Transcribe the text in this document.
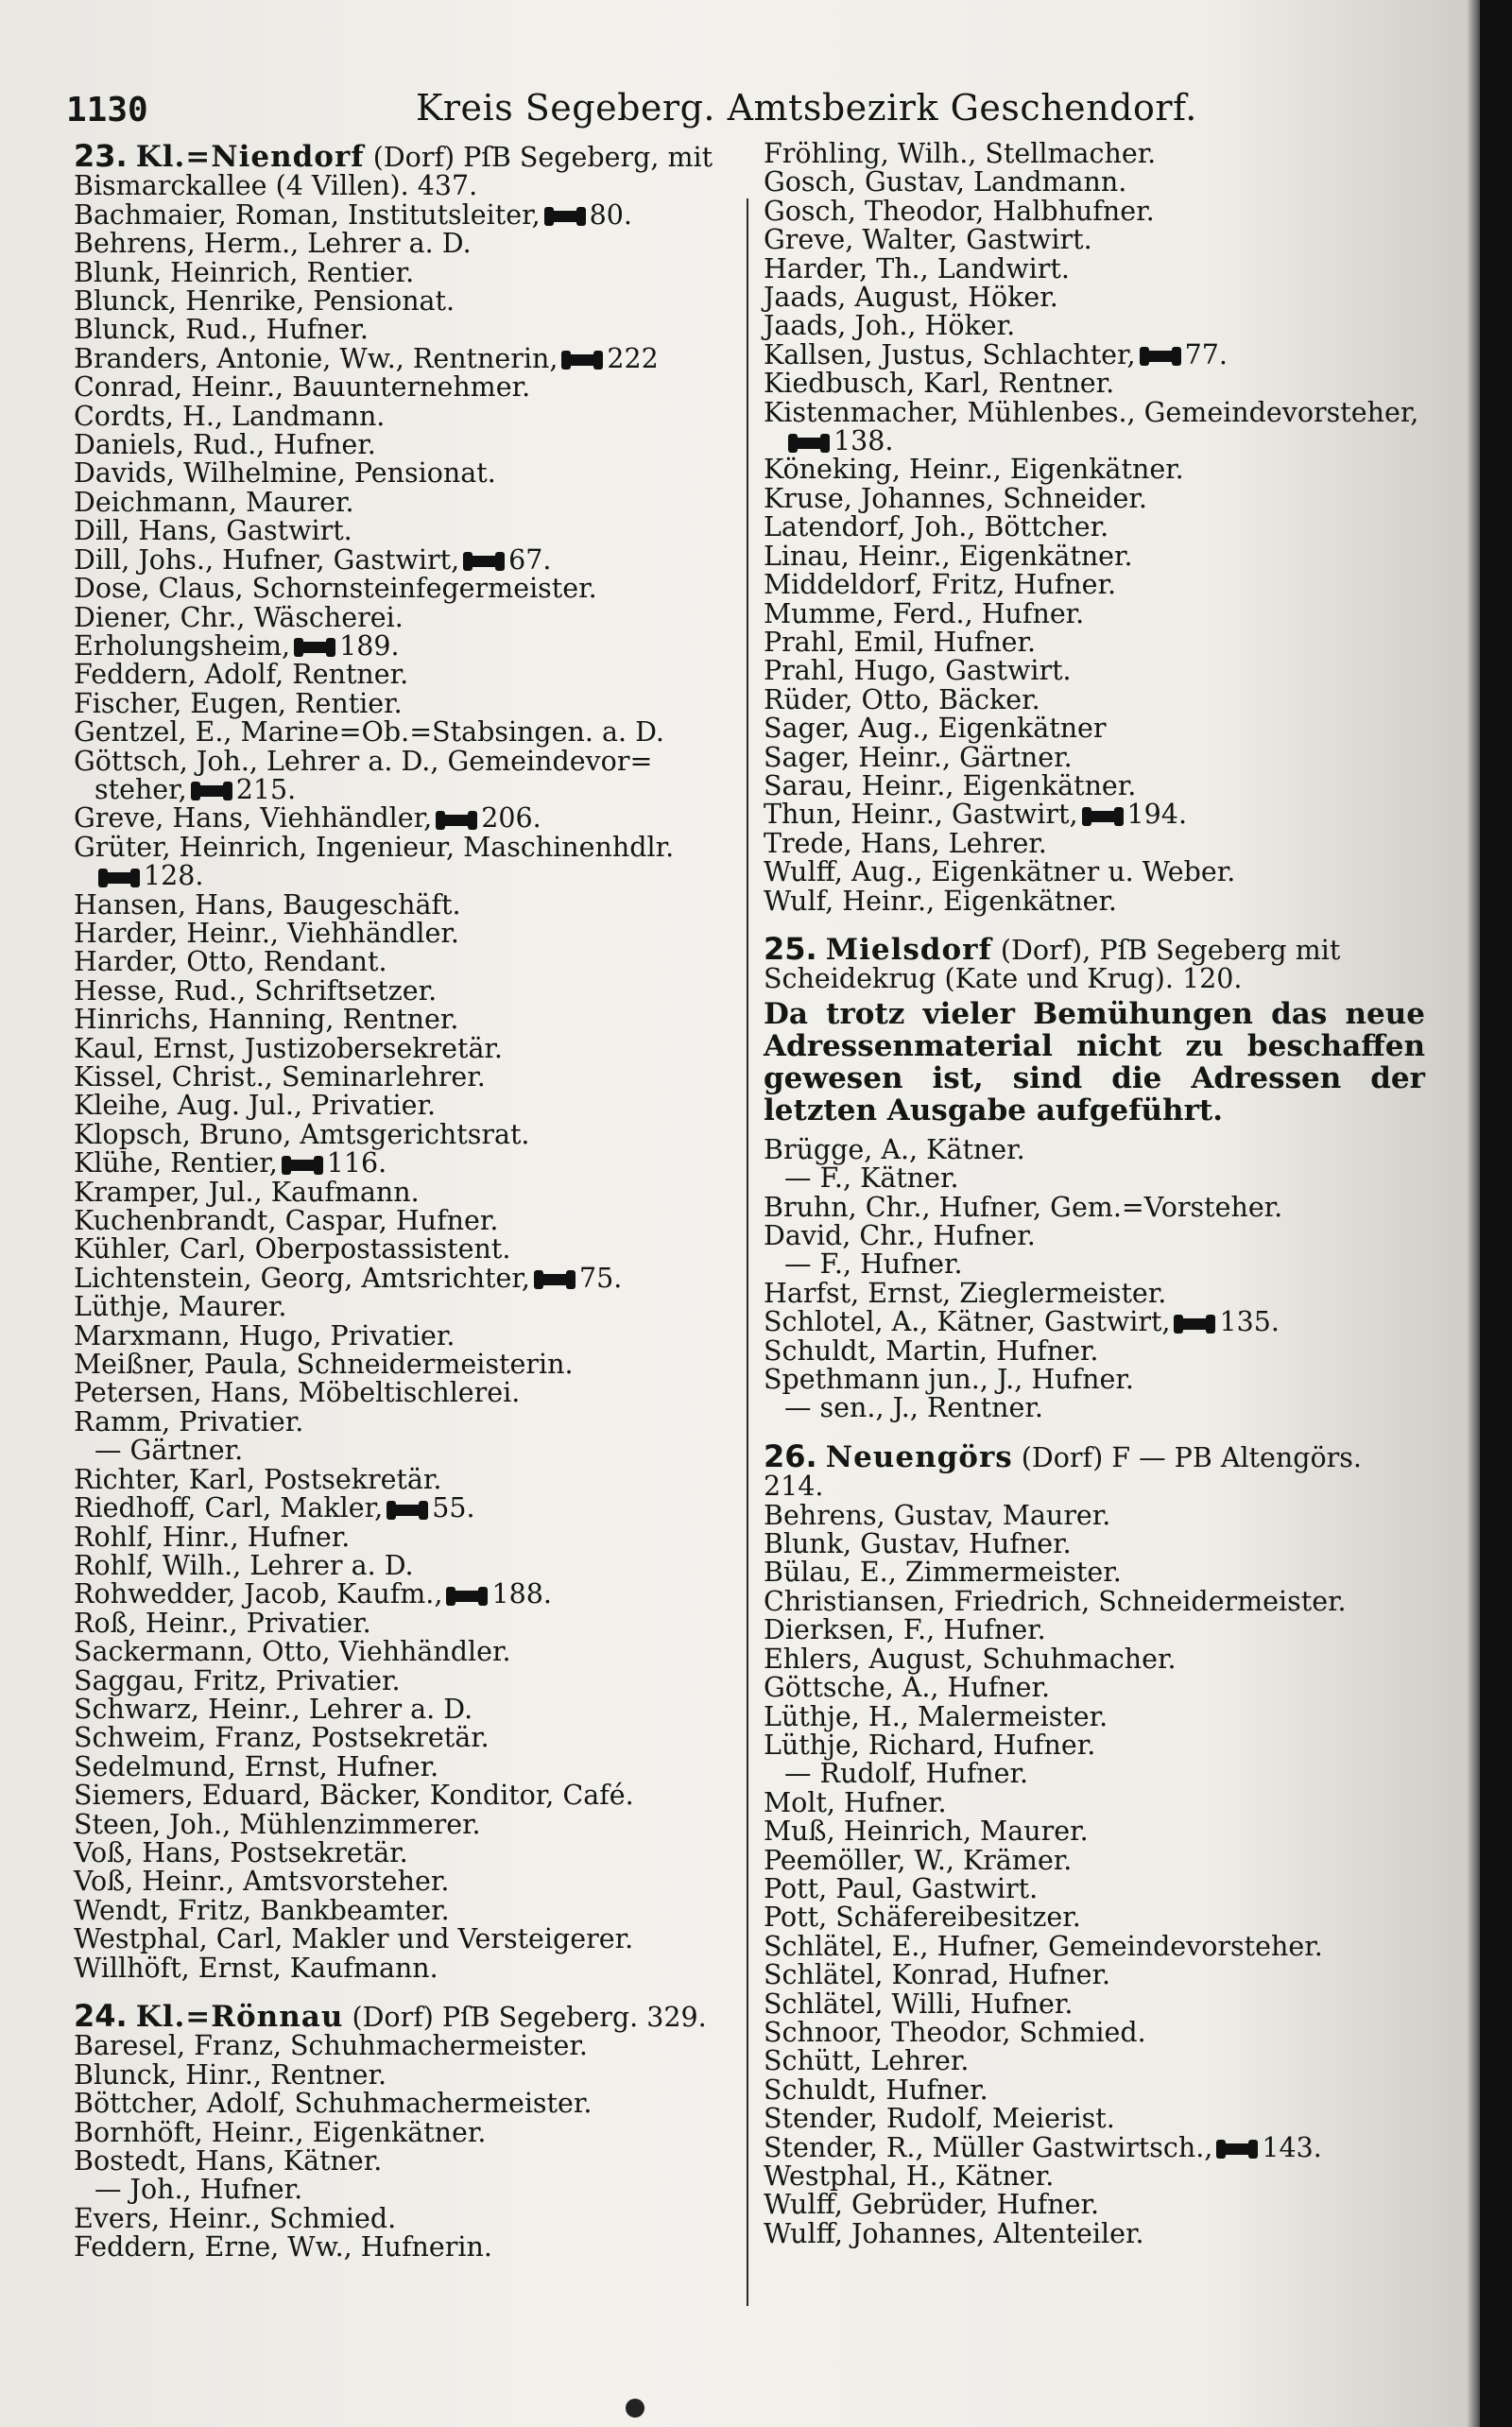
1130	Kreis Segeberg. Amtsbezirk Geschendorf.
23. Kl.=Niendorf (Dorf) PſB Segeberg, mit Bismarckallee (4 Villen). 437.
Bachmaier, Roman, Institutsleiter, 80.
Behrens, Herm., Lehrer a. D.
Blunk, Heinrich, Rentier.
Blunck, Henrike, Pensionat.
Blunck, Rud., Hufner.
Branders, Antonie, Ww., Rentnerin, 222
Conrad, Heinr., Bauunternehmer.
Cordts, H., Landmann.
Daniels, Rud., Hufner.
Davids, Wilhelmine, Pensionat.
Deichmann, Maurer.
Dill, Hans, Gastwirt.
Dill, Johs., Hufner, Gastwirt, 67.
Dose, Claus, Schornsteinfegermeister.
Diener, Chr., Wäscherei.
Erholungsheim, 189.
Feddern, Adolf, Rentner.
Fischer, Eugen, Rentier.
Gentzel, E., Marine=Ob.=Stabsingen. a. D.
Göttsch, Joh., Lehrer a. D., Gemeindevor=
steher, 215.
Greve, Hans, Viehhändler, 206.
Grüter, Heinrich, Ingenieur, Maschinenhdlr.
128.
Hansen, Hans, Baugeschäft.
Harder, Heinr., Viehhändler.
Harder, Otto, Rendant.
Hesse, Rud., Schriftsetzer.
Hinrichs, Hanning, Rentner.
Kaul, Ernst, Justizobersekretär.
Kissel, Christ., Seminarlehrer.
Kleihe, Aug. Jul., Privatier.
Klopsch, Bruno, Amtsgerichtsrat.
Klühe, Rentier, 116.
Kramper, Jul., Kaufmann.
Kuchenbrandt, Caspar, Hufner.
Kühler, Carl, Oberpostassistent.
Lichtenstein, Georg, Amtsrichter, 75.
Lüthje, Maurer.
Marxmann, Hugo, Privatier.
Meißner, Paula, Schneidermeisterin.
Petersen, Hans, Möbeltischlerei.
Ramm, Privatier.
— Gärtner.
Richter, Karl, Postsekretär.
Riedhoff, Carl, Makler, 55.
Rohlf, Hinr., Hufner.
Rohlf, Wilh., Lehrer a. D.
Rohwedder, Jacob, Kaufm., 188.
Roß, Heinr., Privatier.
Sackermann, Otto, Viehhändler.
Saggau, Fritz, Privatier.
Schwarz, Heinr., Lehrer a. D.
Schweim, Franz, Postsekretär.
Sedelmund, Ernst, Hufner.
Siemers, Eduard, Bäcker, Konditor, Café.
Steen, Joh., Mühlenzimmerer.
Voß, Hans, Postsekretär.
Voß, Heinr., Amtsvorsteher.
Wendt, Fritz, Bankbeamter.
Westphal, Carl, Makler und Versteigerer.
Willhöft, Ernst, Kaufmann.
24. Kl.=Rönnau (Dorf) PſB Segeberg. 329.
Baresel, Franz, Schuhmachermeister.
Blunck, Hinr., Rentner.
Böttcher, Adolf, Schuhmachermeister.
Bornhöft, Heinr., Eigenkätner.
Bostedt, Hans, Kätner.
— Joh., Hufner.
Evers, Heinr., Schmied.
Feddern, Erne, Ww., Hufnerin.
Fröhling, Wilh., Stellmacher.
Gosch, Gustav, Landmann.
Gosch, Theodor, Halbhufner.
Greve, Walter, Gastwirt.
Harder, Th., Landwirt.
Jaads, August, Höker.
Jaads, Joh., Höker.
Kallsen, Justus, Schlachter, 77.
Kiedbusch, Karl, Rentner.
Kistenmacher, Mühlenbes., Gemeindevorsteher,
138.
Köneking, Heinr., Eigenkätner.
Kruse, Johannes, Schneider.
Latendorf, Joh., Böttcher.
Linau, Heinr., Eigenkätner.
Middeldorf, Fritz, Hufner.
Mumme, Ferd., Hufner.
Prahl, Emil, Hufner.
Prahl, Hugo, Gastwirt.
Rüder, Otto, Bäcker.
Sager, Aug., Eigenkätner
Sager, Heinr., Gärtner.
Sarau, Heinr., Eigenkätner.
Thun, Heinr., Gastwirt, 194.
Trede, Hans, Lehrer.
Wulff, Aug., Eigenkätner u. Weber.
Wulf, Heinr., Eigenkätner.
25. Mielsdorf (Dorf), PſB Segeberg mit Scheidekrug (Kate und Krug). 120.
Da trotz vieler Bemühungen das neue Adressenmaterial nicht zu beschaffen gewesen ist, sind die Adressen der letzten Ausgabe aufgeführt.
Brügge, A., Kätner.
— F., Kätner.
Bruhn, Chr., Hufner, Gem.=Vorsteher.
David, Chr., Hufner.
— F., Hufner.
Harfst, Ernst, Zieglermeister.
Schlotel, A., Kätner, Gastwirt, 135.
Schuldt, Martin, Hufner.
Spethmann jun., J., Hufner.
— sen., J., Rentner.
26. Neuengörs (Dorf) F — PB Altengörs. 214.
Behrens, Gustav, Maurer.
Blunk, Gustav, Hufner.
Bülau, E., Zimmermeister.
Christiansen, Friedrich, Schneidermeister.
Dierksen, F., Hufner.
Ehlers, August, Schuhmacher.
Göttsche, A., Hufner.
Lüthje, H., Malermeister.
Lüthje, Richard, Hufner.
— Rudolf, Hufner.
Molt, Hufner.
Muß, Heinrich, Maurer.
Peemöller, W., Krämer.
Pott, Paul, Gastwirt.
Pott, Schäfereibesitzer.
Schlätel, E., Hufner, Gemeindevorsteher.
Schlätel, Konrad, Hufner.
Schlätel, Willi, Hufner.
Schnoor, Theodor, Schmied.
Schütt, Lehrer.
Schuldt, Hufner.
Stender, Rudolf, Meierist.
Stender, R., Müller Gastwirtsch., 143.
Westphal, H., Kätner.
Wulff, Gebrüder, Hufner.
Wulff, Johannes, Altenteiler.
